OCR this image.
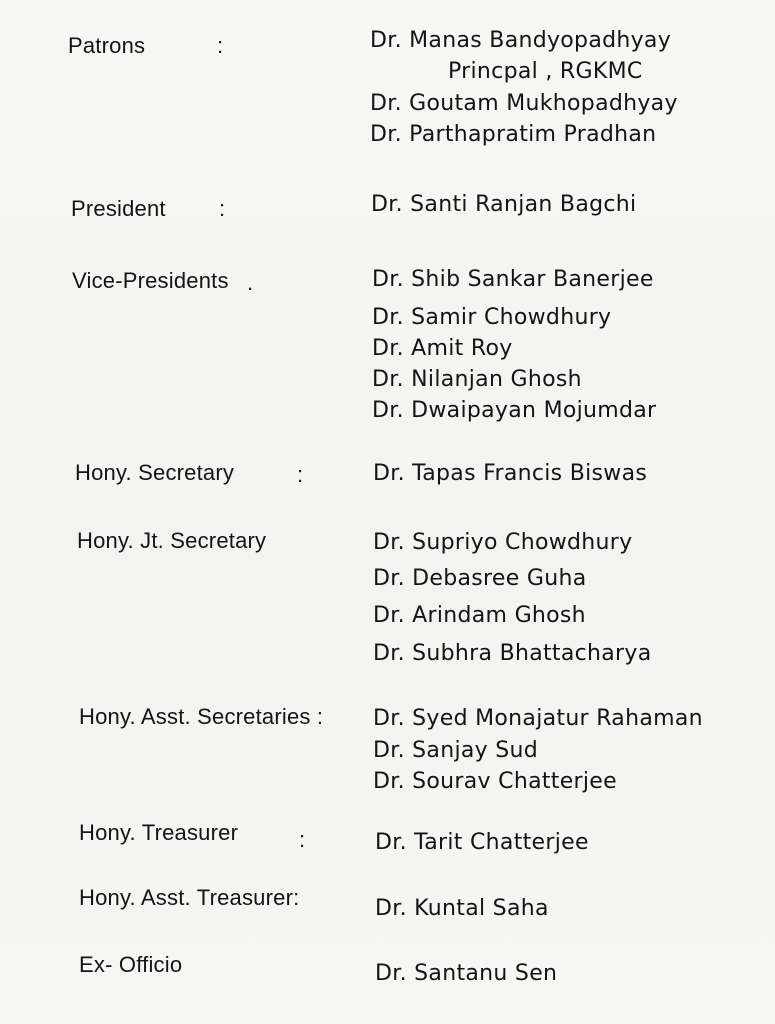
Patrons	:	Dr. Manas Bandyopadhyay
Princpal , RGKMC
Dr. Goutam Mukhopadhyay
Dr. Parthapratim Pradhan
President :	Dr. Santi Ranjan Bagchi
Vice-Presidents .	Dr. Shib Sankar Banerjee
Dr. Samir Chowdhury
Dr. Amit Roy
Dr. Nilanjan Ghosh
Dr. Dwaipayan Mojumdar
Hony. Secretary	:	Dr. Tapas Francis Biswas
Hony. Jt. Secretary	Dr. Supriyo Chowdhury
Dr. Debasree Guha
Dr. Arindam Ghosh
Dr. Subhra Bhattacharya
Hony. Asst. Secretaries : Dr. Syed Monajatur Rahaman
Dr. Sanjay Sud
Dr. Sourav Chatterjee
Hony. Treasurer	:	Dr. Tarit Chatterjee
Hony. Asst. Treasurer:	Dr. Kuntal Saha
Ex- Officio	Dr. Santanu Sen
